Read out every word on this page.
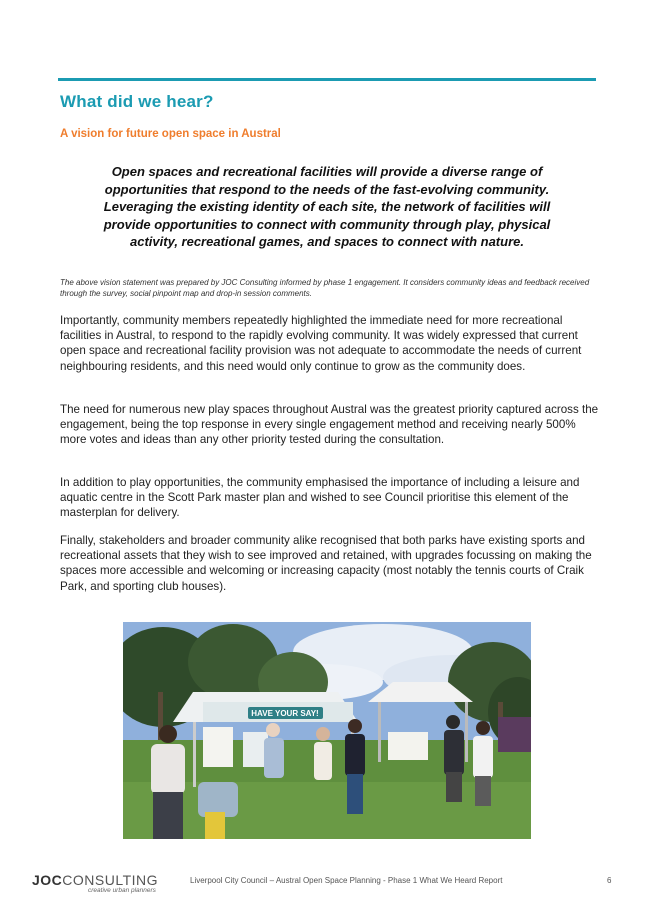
What did we hear?
A vision for future open space in Austral
Open spaces and recreational facilities will provide a diverse range of opportunities that respond to the needs of the fast-evolving community. Leveraging the existing identity of each site, the network of facilities will provide opportunities to connect with community through play, physical activity, recreational games, and spaces to connect with nature.
The above vision statement was prepared by JOC Consulting informed by phase 1 engagement. It considers community ideas and feedback received through the survey, social pinpoint map and drop-in session comments.

Importantly, community members repeatedly highlighted the immediate need for more recreational facilities in Austral, to respond to the rapidly evolving community. It was widely expressed that current open space and recreational facility provision was not adequate to accommodate the needs of current neighbouring residents, and this need would only continue to grow as the community does.

The need for numerous new play spaces throughout Austral was the greatest priority captured across the engagement, being the top response in every single engagement method and receiving nearly 500% more votes and ideas than any other priority tested during the consultation.

In addition to play opportunities, the community emphasised the importance of including a leisure and aquatic centre in the Scott Park master plan and wished to see Council prioritise this element of the masterplan for delivery.

Finally, stakeholders and broader community alike recognised that both parks have existing sports and recreational assets that they wish to see improved and retained, with upgrades focussing on making the spaces more accessible and welcoming or increasing capacity (most notably the tennis courts of Craik Park, and sporting club houses).

HAVE YOUR SAY!
JOCCONSULTING
creative urban planners
Liverpool City Council – Austral Open Space Planning - Phase 1 What We Heard Report	6
